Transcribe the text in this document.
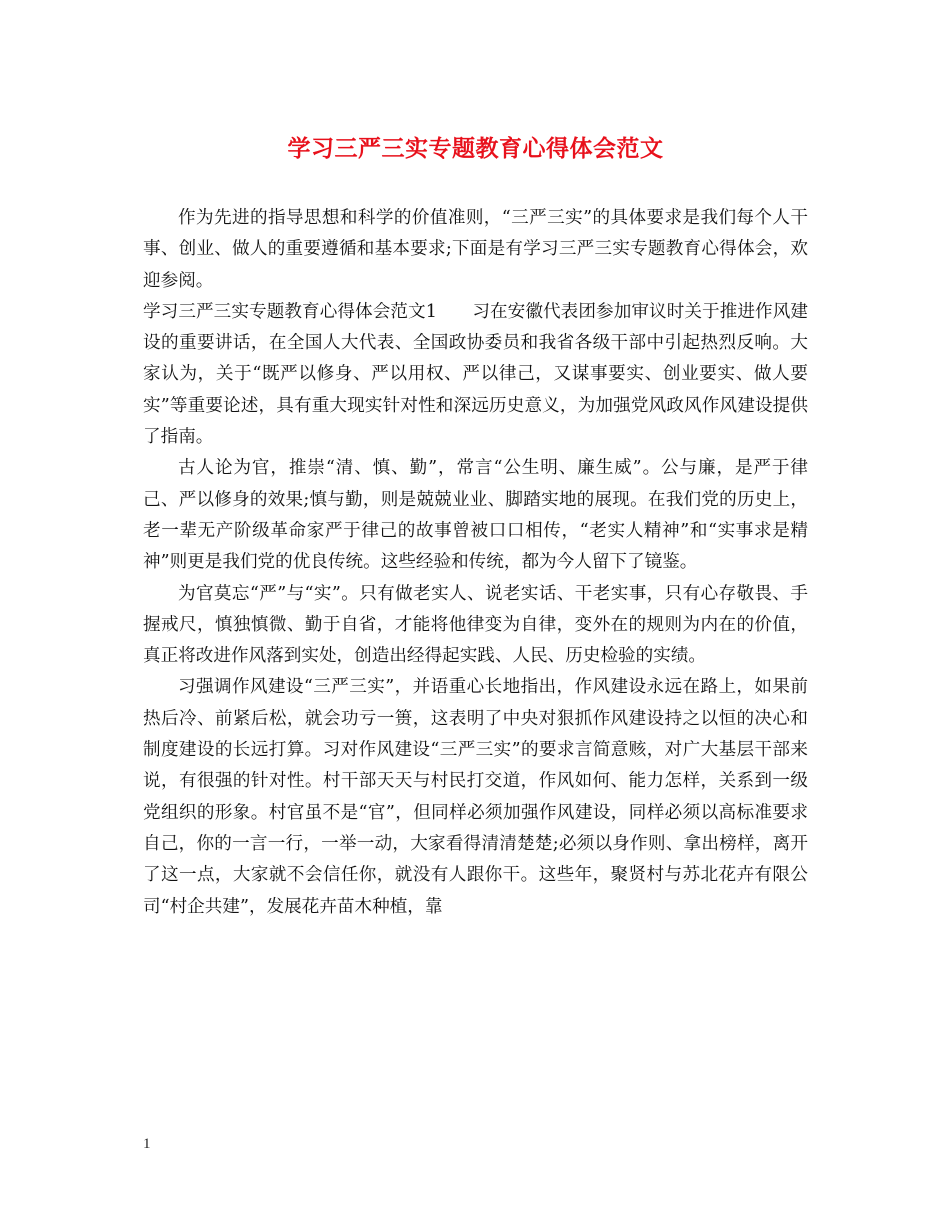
学习三严三实专题教育心得体会范文

作为先进的指导思想和科学的价值准则，“三严三实”的具体要求是我们每个人干事、创业、做人的重要遵循和基本要求;下面是有学习三严三实专题教育心得体会，欢迎参阅。

学习三严三实专题教育心得体会范文1　　习在安徽代表团参加审议时关于推进作风建设的重要讲话，在全国人大代表、全国政协委员和我省各级干部中引起热烈反响。大家认为，关于“既严以修身、严以用权、严以律己，又谋事要实、创业要实、做人要实”等重要论述，具有重大现实针对性和深远历史意义，为加强党风政风作风建设提供了指南。

古人论为官，推崇“清、慎、勤”，常言“公生明、廉生威”。公与廉，是严于律己、严以修身的效果;慎与勤，则是兢兢业业、脚踏实地的展现。在我们党的历史上，老一辈无产阶级革命家严于律己的故事曾被口口相传，“老实人精神”和“实事求是精神”则更是我们党的优良传统。这些经验和传统，都为今人留下了镜鉴。

为官莫忘“严”与“实”。只有做老实人、说老实话、干老实事，只有心存敬畏、手握戒尺，慎独慎微、勤于自省，才能将他律变为自律，变外在的规则为内在的价值，真正将改进作风落到实处，创造出经得起实践、人民、历史检验的实绩。

习强调作风建设“三严三实”，并语重心长地指出，作风建设永远在路上，如果前热后冷、前紧后松，就会功亏一篑，这表明了中央对狠抓作风建设持之以恒的决心和制度建设的长远打算。习对作风建设“三严三实”的要求言简意赅，对广大基层干部来说，有很强的针对性。村干部天天与村民打交道，作风如何、能力怎样，关系到一级党组织的形象。村官虽不是“官”，但同样必须加强作风建设，同样必须以高标准要求自己，你的一言一行，一举一动，大家看得清清楚楚;必须以身作则、拿出榜样，离开了这一点，大家就不会信任你，就没有人跟你干。这些年，聚贤村与苏北花卉有限公司“村企共建”，发展花卉苗木种植，靠

1
